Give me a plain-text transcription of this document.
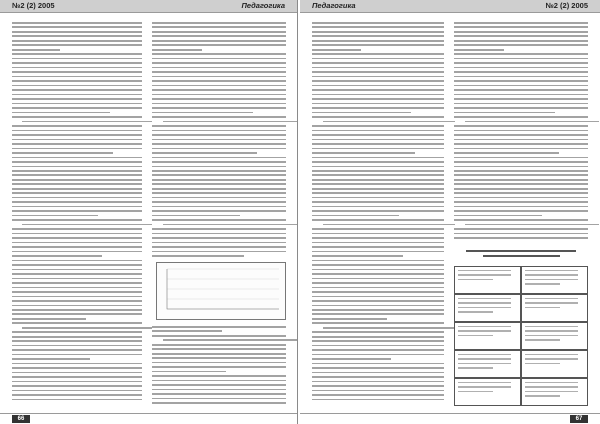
№2 (2) 2005	Педагогика
66
Педагогика	№2 (2) 2005
67
